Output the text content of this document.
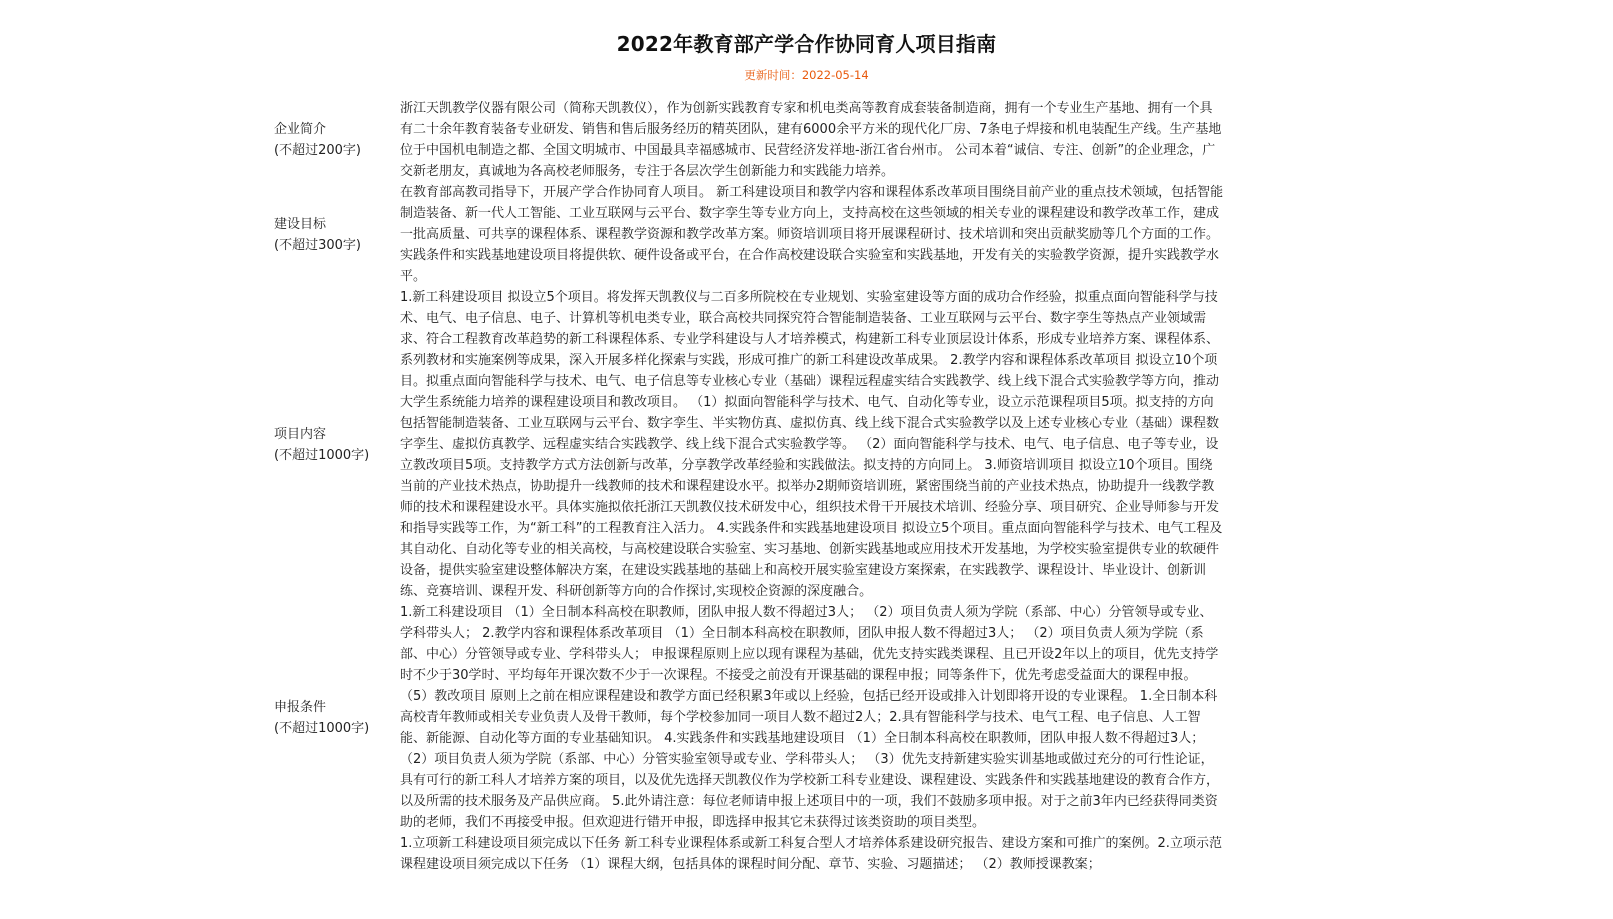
2022年教育部产学合作协同育人项目指南
更新时间：2022-05-14
企业简介
(不超过200字)
浙江天凯教学仪器有限公司（简称天凯教仪），作为创新实践教育专家和机电类高等教育成套装备制造商，拥有一个专业生产基地、拥有一个具有二十余年教育装备专业研发、销售和售后服务经历的精英团队，建有6000余平方米的现代化厂房、7条电子焊接和机电装配生产线。生产基地位于中国机电制造之都、全国文明城市、中国最具幸福感城市、民营经济发祥地-浙江省台州市。 公司本着“诚信、专注、创新”的企业理念，广交新老朋友，真诚地为各高校老师服务，专注于各层次学生创新能力和实践能力培养。
建设目标
(不超过300字)
在教育部高教司指导下，开展产学合作协同育人项目。 新工科建设项目和教学内容和课程体系改革项目围绕目前产业的重点技术领域，包括智能制造装备、新一代人工智能、工业互联网与云平台、数字孪生等专业方向上，支持高校在这些领域的相关专业的课程建设和教学改革工作，建成一批高质量、可共享的课程体系、课程教学资源和教学改革方案。师资培训项目将开展课程研讨、技术培训和突出贡献奖励等几个方面的工作。实践条件和实践基地建设项目将提供软、硬件设备或平台，在合作高校建设联合实验室和实践基地，开发有关的实验教学资源，提升实践教学水平。
项目内容
(不超过1000字)
1.新工科建设项目 拟设立5个项目。将发挥天凯教仪与二百多所院校在专业规划、实验室建设等方面的成功合作经验，拟重点面向智能科学与技术、电气、电子信息、电子、计算机等机电类专业，联合高校共同探究符合智能制造装备、工业互联网与云平台、数字孪生等热点产业领域需求、符合工程教育改革趋势的新工科课程体系、专业学科建设与人才培养模式，构建新工科专业顶层设计体系，形成专业培养方案、课程体系、系列教材和实施案例等成果，深入开展多样化探索与实践，形成可推广的新工科建设改革成果。 2.教学内容和课程体系改革项目 拟设立10个项目。拟重点面向智能科学与技术、电气、电子信息等专业核心专业（基础）课程远程虚实结合实践教学、线上线下混合式实验教学等方向，推动大学生系统能力培养的课程建设项目和教改项目。 （1）拟面向智能科学与技术、电气、自动化等专业，设立示范课程项目5项。拟支持的方向包括智能制造装备、工业互联网与云平台、数字孪生、半实物仿真、虚拟仿真、线上线下混合式实验教学以及上述专业核心专业（基础）课程数字孪生、虚拟仿真教学、远程虚实结合实践教学、线上线下混合式实验教学等。 （2）面向智能科学与技术、电气、电子信息、电子等专业，设立教改项目5项。支持教学方式方法创新与改革，分享教学改革经验和实践做法。拟支持的方向同上。 3.师资培训项目 拟设立10个项目。围绕当前的产业技术热点，协助提升一线教师的技术和课程建设水平。拟举办2期师资培训班，紧密围绕当前的产业技术热点，协助提升一线教学教师的技术和课程建设水平。具体实施拟依托浙江天凯教仪技术研发中心，组织技术骨干开展技术培训、经验分享、项目研究、企业导师参与开发和指导实践等工作，为“新工科”的工程教育注入活力。 4.实践条件和实践基地建设项目 拟设立5个项目。重点面向智能科学与技术、电气工程及其自动化、自动化等专业的相关高校，与高校建设联合实验室、实习基地、创新实践基地或应用技术开发基地，为学校实验室提供专业的软硬件设备，提供实验室建设整体解决方案，在建设实践基地的基础上和高校开展实验室建设方案探索，在实践教学、课程设计、毕业设计、创新训练、竞赛培训、课程开发、科研创新等方向的合作探讨,实现校企资源的深度融合。
申报条件
(不超过1000字)
1.新工科建设项目 （1）全日制本科高校在职教师，团队申报人数不得超过3人； （2）项目负责人须为学院（系部、中心）分管领导或专业、学科带头人； 2.教学内容和课程体系改革项目 （1）全日制本科高校在职教师，团队申报人数不得超过3人； （2）项目负责人须为学院（系部、中心）分管领导或专业、学科带头人； 申报课程原则上应以现有课程为基础，优先支持实践类课程、且已开设2年以上的项目，优先支持学时不少于30学时、平均每年开课次数不少于一次课程。不接受之前没有开课基础的课程申报；同等条件下，优先考虑受益面大的课程申报。 （5）教改项目 原则上之前在相应课程建设和教学方面已经积累3年或以上经验，包括已经开设或排入计划即将开设的专业课程。 1.全日制本科高校青年教师或相关专业负责人及骨干教师，每个学校参加同一项目人数不超过2人；2.具有智能科学与技术、电气工程、电子信息、人工智能、新能源、自动化等方面的专业基础知识。 4.实践条件和实践基地建设项目 （1）全日制本科高校在职教师，团队申报人数不得超过3人； （2）项目负责人须为学院（系部、中心）分管实验室领导或专业、学科带头人； （3）优先支持新建实验实训基地或做过充分的可行性论证，具有可行的新工科人才培养方案的项目，以及优先选择天凯教仪作为学校新工科专业建设、课程建设、实践条件和实践基地建设的教育合作方，以及所需的技术服务及产品供应商。 5.此外请注意：每位老师请申报上述项目中的一项，我们不鼓励多项申报。对于之前3年内已经获得同类资助的老师，我们不再接受申报。但欢迎进行错开申报，即选择申报其它未获得过该类资助的项目类型。
1.立项新工科建设项目须完成以下任务 新工科专业课程体系或新工科复合型人才培养体系建设研究报告、建设方案和可推广的案例。2.立项示范课程建设项目须完成以下任务 （1）课程大纲，包括具体的课程时间分配、章节、实验、习题描述； （2）教师授课教案；
